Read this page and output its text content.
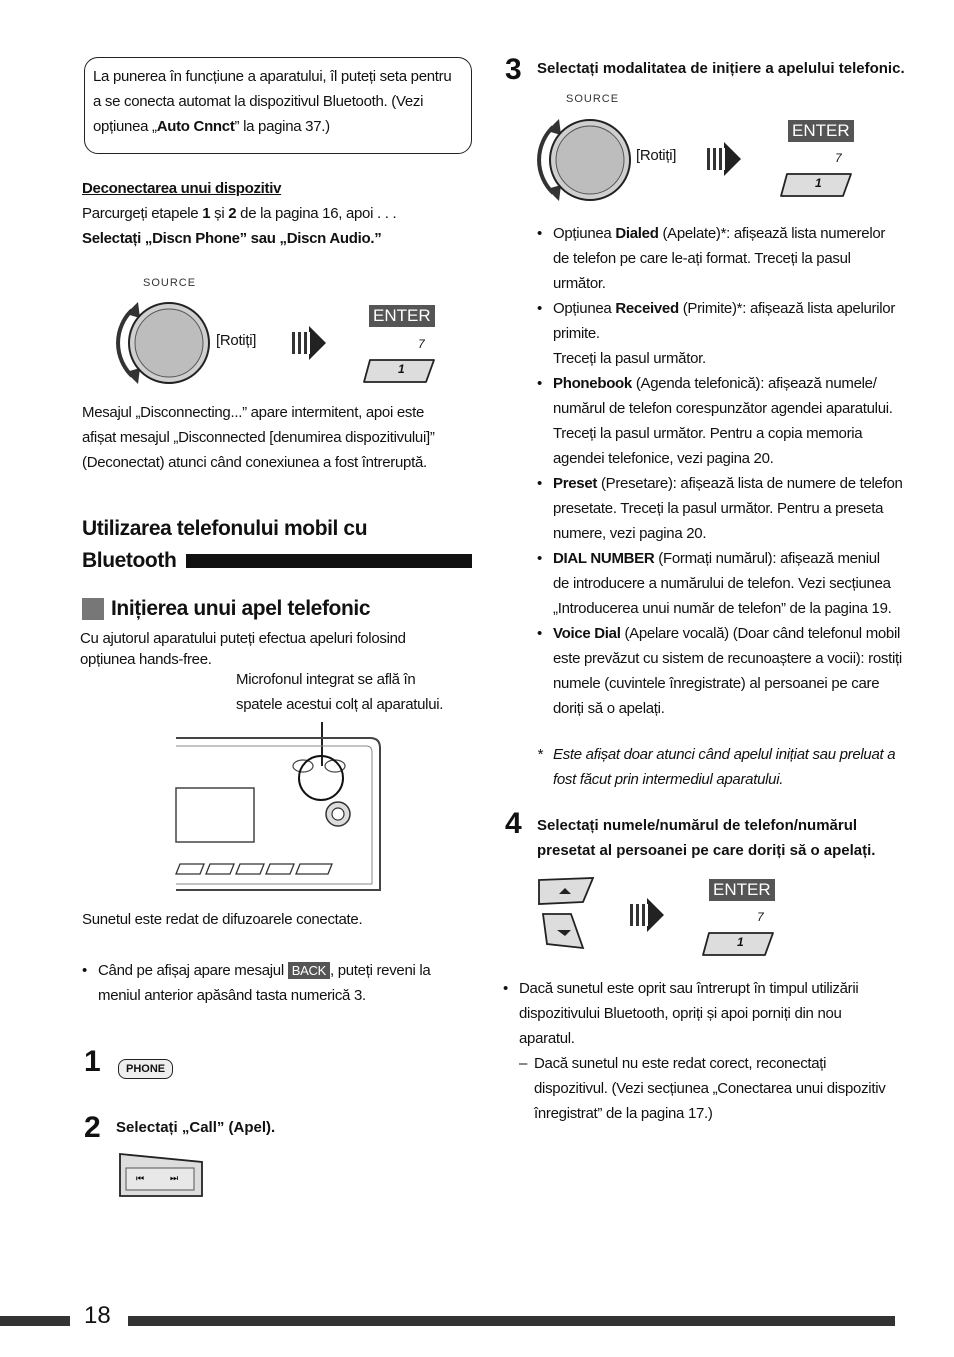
La punerea în funcțiune a aparatului, îl puteți seta pentru
a se conecta automat la dispozitivul Bluetooth. (Vezi
opțiunea „Auto Cnnct” la pagina 37.)
Deconectarea unui dispozitiv
Parcurgeți etapele 1 și 2 de la pagina 16, apoi . . .
Selectați „Discn Phone” sau „Discn Audio.”
SOURCE
[Rotiți]
ENTER
7
1
Mesajul „Disconnecting...” apare intermitent, apoi este
afișat mesajul „Disconnected [denumirea dispozitivului]”
(Deconectat) atunci când conexiunea a fost întreruptă.
Utilizarea telefonului mobil cu
Bluetooth
Inițierea unui apel telefonic
Cu ajutorul aparatului puteți efectua apeluri folosind
opțiunea hands-free.
Microfonul integrat se află în
spatele acestui colț al aparatului.
Sunetul este redat de difuzoarele conectate.
• Când pe afișaj apare mesajul BACK , puteți reveni la
meniul anterior apăsând tasta numerică 3.
1	PHONE
2 Selectați „Call” (Apel).
⏮	⏭
3 Selectați modalitatea de inițiere a apelului telefonic.
SOURCE
[Rotiți]
ENTER
7
1
• Opțiunea Dialed (Apelate)*: afișează lista numerelor
de telefon pe care le-ați format. Treceți la pasul
următor.
• Opțiunea Received (Primite)*: afișează lista apelurilor
primite.
Treceți la pasul următor.
• Phonebook (Agenda telefonică): afișează numele/
numărul de telefon corespunzător agendei aparatului.
Treceți la pasul următor. Pentru a copia memoria
agendei telefonice, vezi pagina 20.
• Preset (Presetare): afișează lista de numere de telefon
presetate. Treceți la pasul următor. Pentru a preseta
numere, vezi pagina 20.
• DIAL NUMBER (Formați numărul): afișează meniul
de introducere a numărului de telefon. Vezi secțiunea
„Introducerea unui număr de telefon” de la pagina 19.
• Voice Dial (Apelare vocală) (Doar când telefonul mobil
este prevăzut cu sistem de recunoaștere a vocii): rostiți
numele (cuvintele înregistrate) al persoanei pe care
doriți să o apelați.
* Este afișat doar atunci când apelul inițiat sau preluat a
fost făcut prin intermediul aparatului.
4 Selectați numele/numărul de telefon/numărul
presetat al persoanei pe care doriți să o apelați.
ENTER
7
1
• Dacă sunetul este oprit sau întrerupt în timpul utilizării
dispozitivului Bluetooth, opriți și apoi porniți din nou
aparatul.
– Dacă sunetul nu este redat corect, reconectați
dispozitivul. (Vezi secțiunea „Conectarea unui dispozitiv
înregistrat” de la pagina 17.)
18
